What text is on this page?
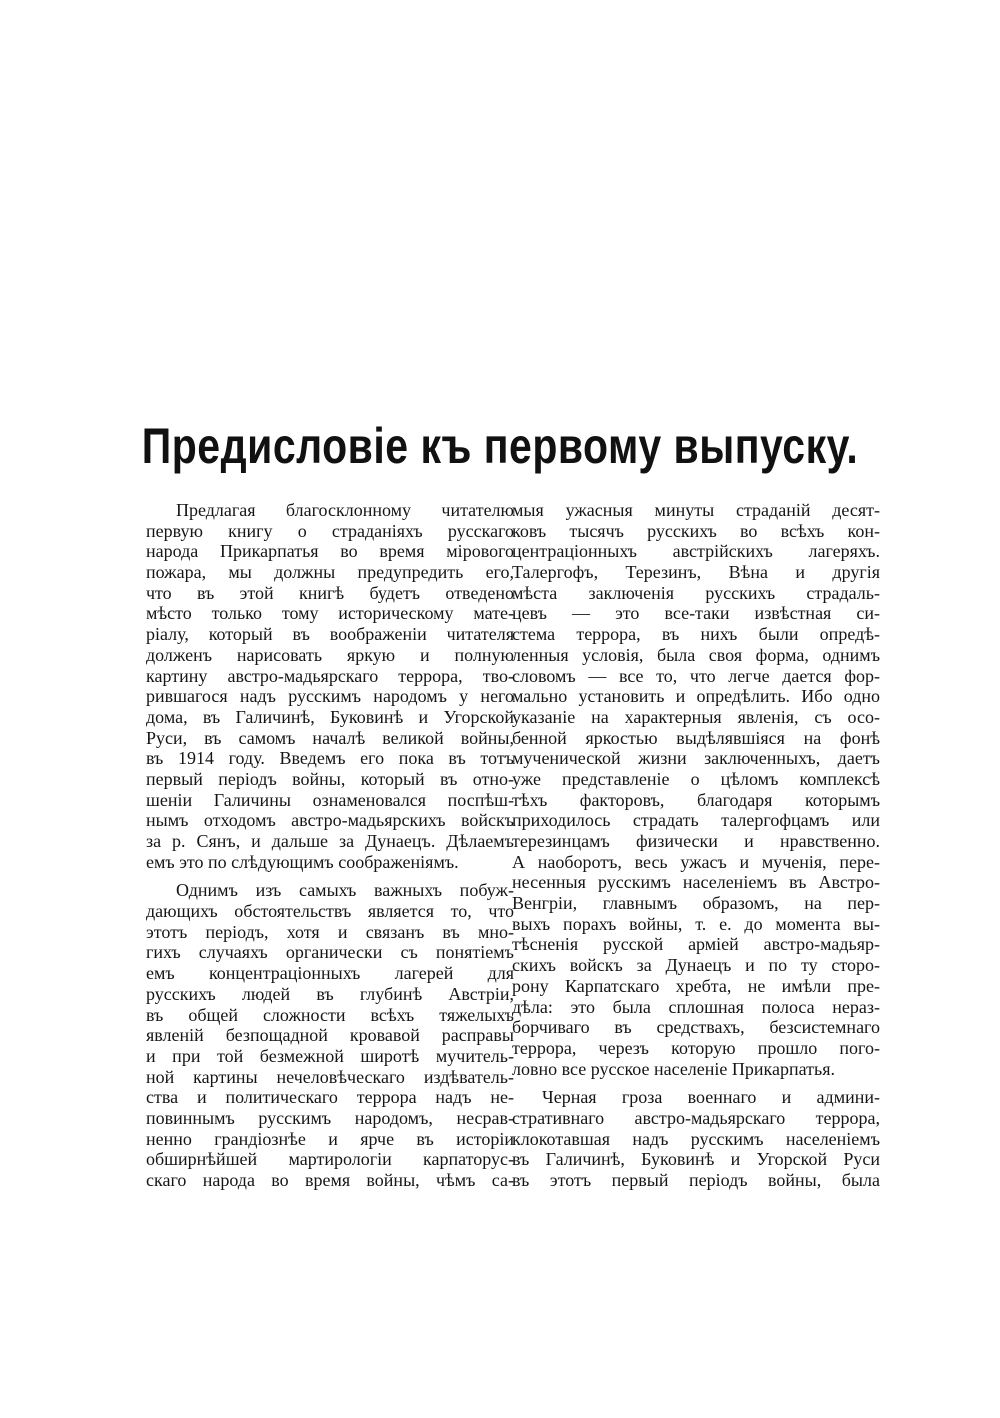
Предисловіе къ первому выпуску.
Предлагая благосклонному читателю
первую книгу о страданіяхъ русскаго
народа Прикарпатья во время мірового
пожара, мы должны предупредить его,
что въ этой книгѣ будетъ отведено
мѣсто только тому историческому мате-
ріалу, который въ воображеніи читателя
долженъ нарисовать яркую и полную
картину австро-мадьярскаго террора, тво-
рившагося надъ русскимъ народомъ у него
дома, въ Галичинѣ, Буковинѣ и Угорской
Руси, въ самомъ началѣ великой войны,
въ 1914 году. Введемъ его пока въ тотъ
первый періодъ войны, который въ отно-
шеніи Галичины ознаменовался поспѣш-
нымъ отходомъ австро-мадьярскихъ войскъ
за р. Сянъ, и дальше за Дунаецъ. Дѣлаемъ
емъ это по слѣдующимъ соображеніямъ.
Однимъ изъ самыхъ важныхъ побуж-
дающихъ обстоятельствъ является то, что
этотъ періодъ, хотя и связанъ въ мно-
гихъ случаяхъ органически съ понятіемъ
емъ концентраціонныхъ лагерей для
русскихъ людей въ глубинѣ Австріи,
въ общей сложности всѣхъ тяжелыхъ
явленій безпощадной кровавой расправы
и при той безмежной широтѣ мучитель-
ной картины нечеловѣческаго издѣватель-
ства и политическаго террора надъ не-
повиннымъ русскимъ народомъ, несрав-
ненно грандіознѣе и ярче въ исторіи
обширнѣйшей мартирологіи карпаторус-
скаго народа во время войны, чѣмъ са-
мыя ужасныя минуты страданій десят-
ковъ тысячъ русскихъ во всѣхъ кон-
центраціонныхъ австрійскихъ лагеряхъ.
Талергофъ, Терезинъ, Вѣна и другія
мѣста заключенія русскихъ страдаль-
цевъ — это все-таки извѣстная си-
стема террора, въ нихъ были опредѣ-
ленныя условія, была своя форма, однимъ
словомъ — все то, что легче дается фор-
мально установить и опредѣлить. Ибо одно
указаніе на характерныя явленія, съ осо-
бенной яркостью выдѣлявшіяся на фонѣ
мученической жизни заключенныхъ, даетъ
уже представленіе о цѣломъ комплексѣ
тѣхъ факторовъ, благодаря которымъ
приходилось страдать талергофцамъ или
терезинцамъ физически и нравственно.
А наоборотъ, весь ужасъ и мученія, пере-
несенныя русскимъ населеніемъ въ Австро-
Венгріи, главнымъ образомъ, на пер-
выхъ порахъ войны, т. е. до момента вы-
тѣсненія русской арміей австро-мадьяр-
скихъ войскъ за Дунаецъ и по ту сторо-
рону Карпатскаго хребта, не имѣли пре-
дѣла: это была сплошная полоса нераз-
борчиваго въ средствахъ, безсистемнаго
террора, черезъ которую прошло пого-
ловно все русское населеніе Прикарпатья.
Черная гроза военнаго и админи-
стративнаго австро-мадьярскаго террора,
клокотавшая надъ русскимъ населеніемъ
въ Галичинѣ, Буковинѣ и Угорской Руси
въ этотъ первый періодъ войны, была
